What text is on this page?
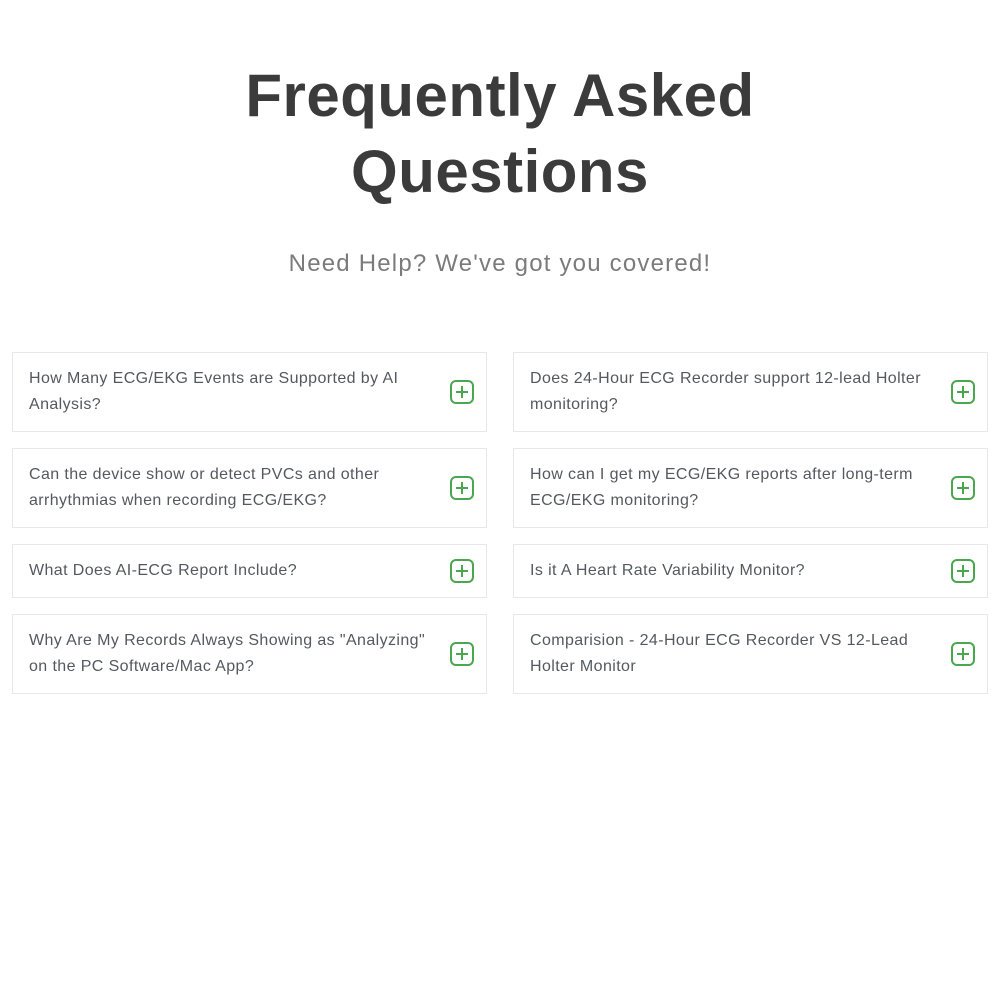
Frequently Asked Questions
Need Help? We've got you covered!
How Many ECG/EKG Events are Supported by AI Analysis?
Does 24-Hour ECG Recorder support 12-lead Holter monitoring?
Can the device show or detect PVCs and other arrhythmias when recording ECG/EKG?
How can I get my ECG/EKG reports after long-term ECG/EKG monitoring?
What Does AI-ECG Report Include?	Is it A Heart Rate Variability Monitor?
Why Are My Records Always Showing as "Analyzing" on the PC Software/Mac App?
Comparision - 24-Hour ECG Recorder VS 12-Lead Holter Monitor
